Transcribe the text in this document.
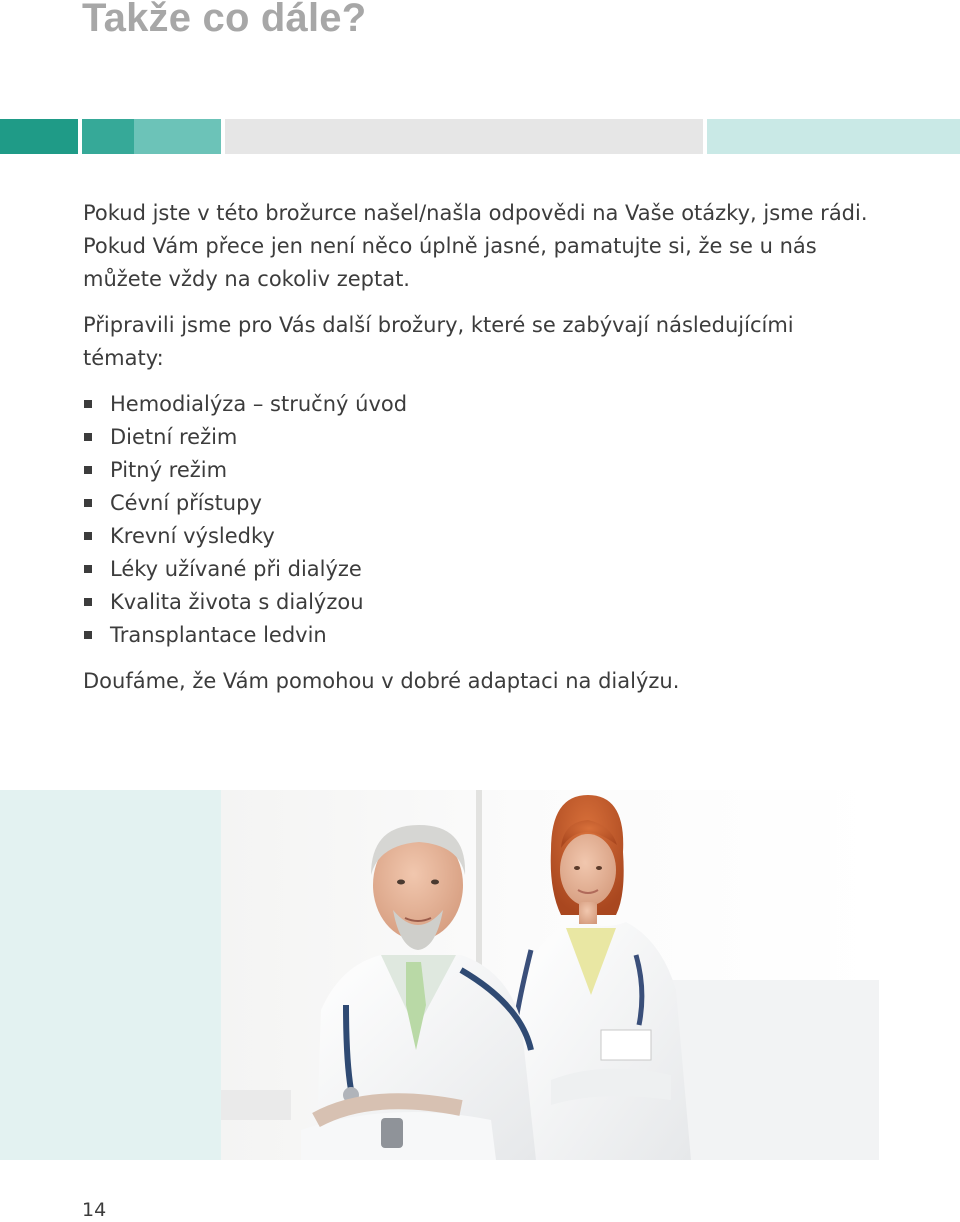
Takže co dále?

Pokud jste v této brožurce našel/našla odpovědi na Vaše otázky, jsme rádi.

Pokud Vám přece jen není něco úplně jasné, pamatujte si, že se u nás

můžete vždy na cokoliv zeptat.

Připravili jsme pro Vás další brožury, které se zabývají následujícími

tématy:

Hemodialýza – stručný úvod
Dietní režim
Pitný režim
Cévní přístupy
Krevní výsledky
Léky užívané při dialýze
Kvalita života s dialýzou
Transplantace ledvin

Doufáme, že Vám pomohou v dobré adaptaci na dialýzu.

14
